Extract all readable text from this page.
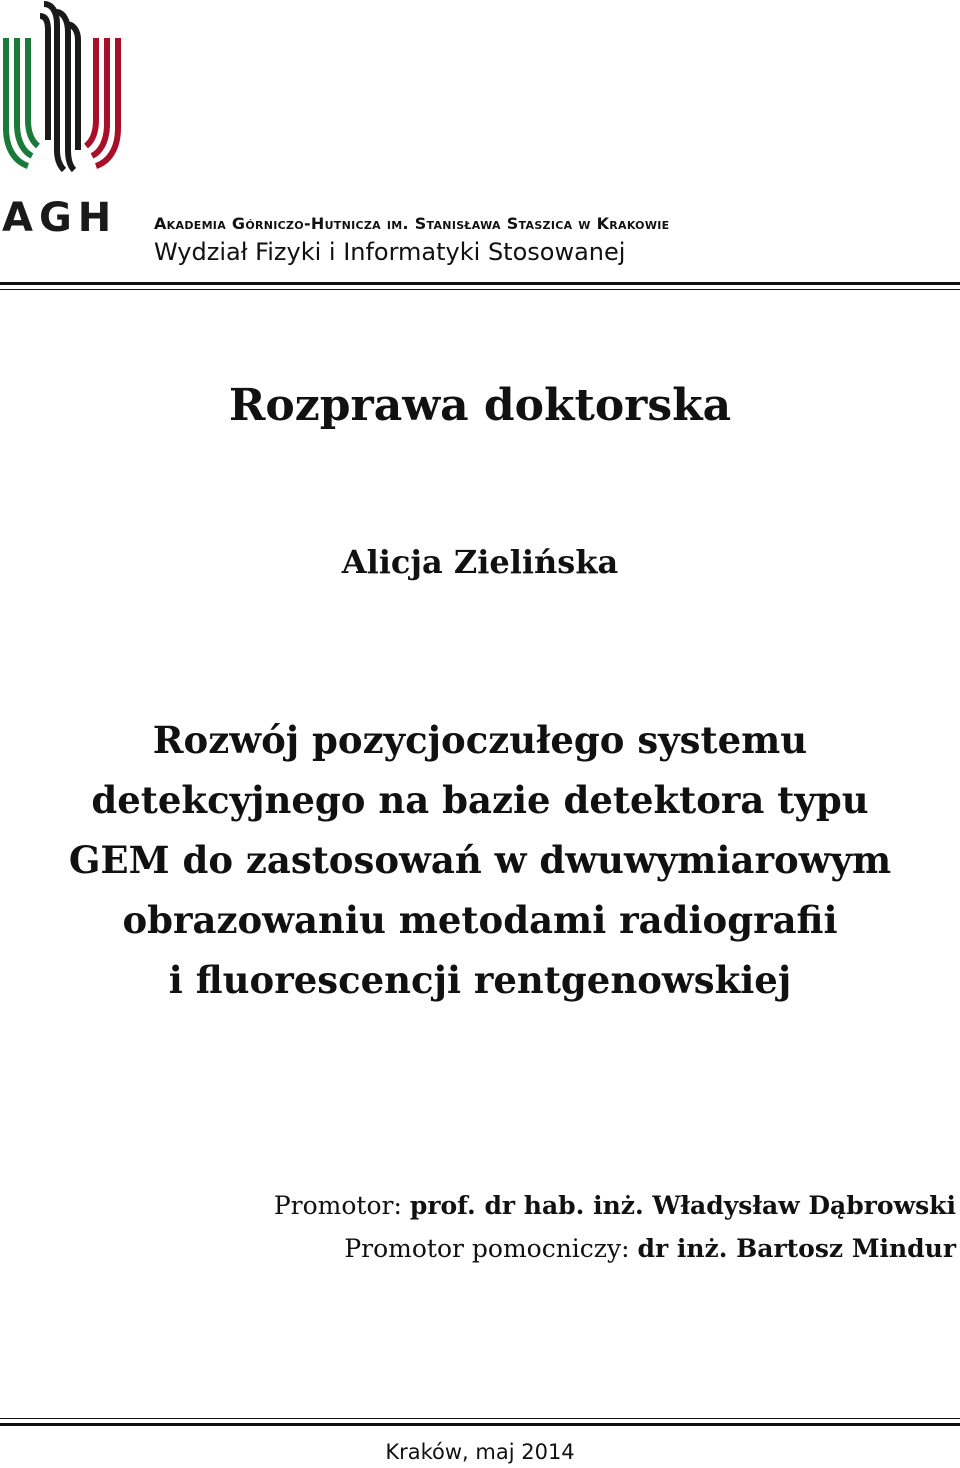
AGH Akademia Górniczo-Hutnicza im. Stanisława Staszica w Krakowie
Wydział Fizyki i Informatyki Stosowanej
Rozprawa doktorska
Alicja Zielińska
Rozwój pozycjoczułego systemu
detekcyjnego na bazie detektora typu
GEM do zastosowań w dwuwymiarowym
obrazowaniu metodami radiografii
i fluorescencji rentgenowskiej
Promotor: prof. dr hab. inż. Władysław Dąbrowski
Promotor pomocniczy: dr inż. Bartosz Mindur
Kraków, maj 2014
